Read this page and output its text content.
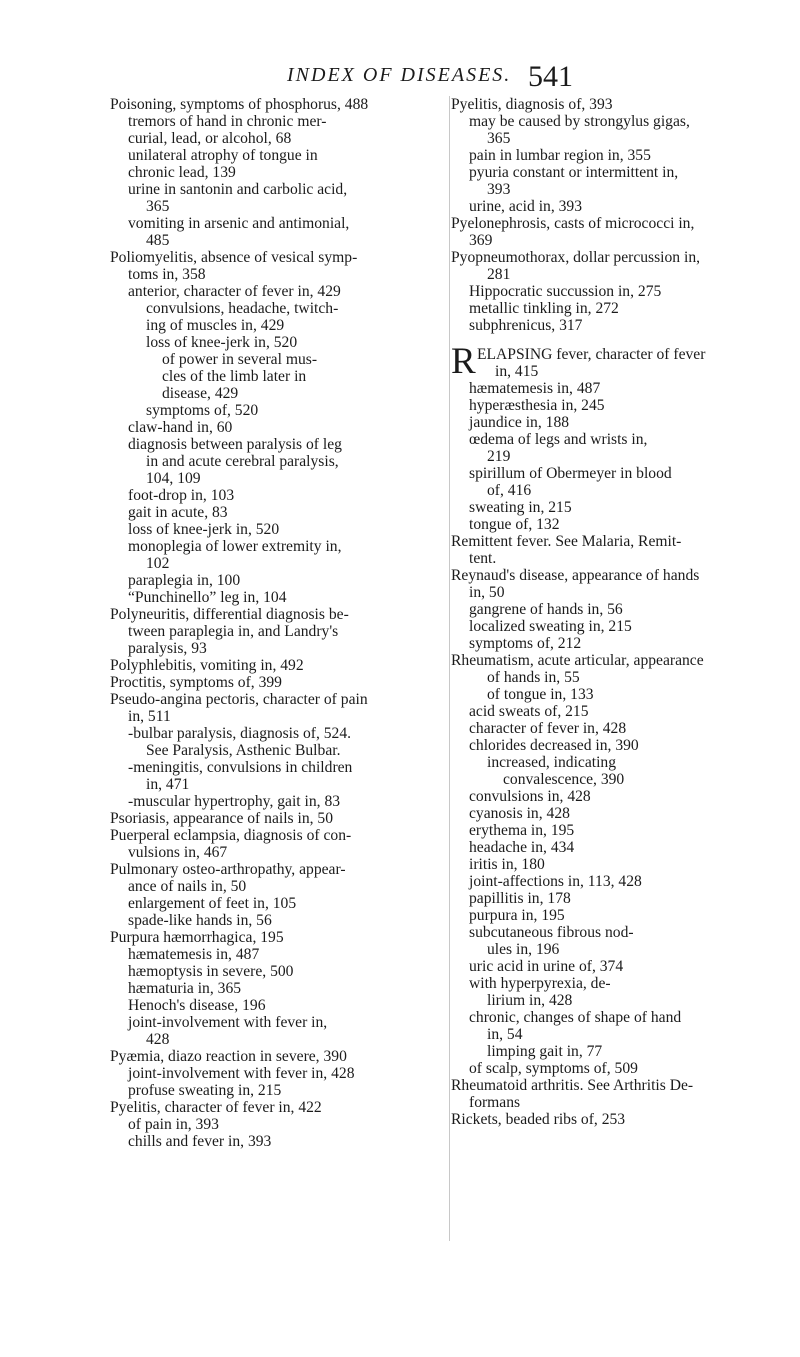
INDEX OF DISEASES. 541
Poisoning, symptoms of phosphorus, 488
tremors of hand in chronic mer-
curial, lead, or alcohol, 68
unilateral atrophy of tongue in
chronic lead, 139
urine in santonin and carbolic acid,
365
vomiting in arsenic and antimonial,
485
Poliomyelitis, absence of vesical symp-
toms in, 358
anterior, character of fever in, 429
convulsions, headache, twitch-
ing of muscles in, 429
loss of knee-jerk in, 520
of power in several mus-
cles of the limb later in
disease, 429
symptoms of, 520
claw-hand in, 60
diagnosis between paralysis of leg
in and acute cerebral paralysis,
104, 109
foot-drop in, 103
gait in acute, 83
loss of knee-jerk in, 520
monoplegia of lower extremity in,
102
paraplegia in, 100
“Punchinello” leg in, 104
Polyneuritis, differential diagnosis be-
tween paraplegia in, and Landry's
paralysis, 93
Polyphlebitis, vomiting in, 492
Proctitis, symptoms of, 399
Pseudo-angina pectoris, character of pain
in, 511
-bulbar paralysis, diagnosis of, 524.
See Paralysis, Asthenic Bulbar.
-meningitis, convulsions in children
in, 471
-muscular hypertrophy, gait in, 83
Psoriasis, appearance of nails in, 50
Puerperal eclampsia, diagnosis of con-
vulsions in, 467
Pulmonary osteo-arthropathy, appear-
ance of nails in, 50
enlargement of feet in, 105
spade-like hands in, 56
Purpura hæmorrhagica, 195
hæmatemesis in, 487
hæmoptysis in severe, 500
hæmaturia in, 365
Henoch's disease, 196
joint-involvement with fever in,
428
Pyæmia, diazo reaction in severe, 390
joint-involvement with fever in, 428
profuse sweating in, 215
Pyelitis, character of fever in, 422
of pain in, 393
chills and fever in, 393
Pyelitis, diagnosis of, 393
may be caused by strongylus gigas,
365
pain in lumbar region in, 355
pyuria constant or intermittent in,
393
urine, acid in, 393
Pyelonephrosis, casts of micrococci in,
369
Pyopneumothorax, dollar percussion in,
281
Hippocratic succussion in, 275
metallic tinkling in, 272
subphrenicus, 317
R ELAPSING fever, character of fever
in, 415
hæmatemesis in, 487
hyperæsthesia in, 245
jaundice in, 188
œdema of legs and wrists in,
219
spirillum of Obermeyer in blood
of, 416
sweating in, 215
tongue of, 132
Remittent fever. See Malaria, Remit-
tent.
Reynaud's disease, appearance of hands
in, 50
gangrene of hands in, 56
localized sweating in, 215
symptoms of, 212
Rheumatism, acute articular, appearance
of hands in, 55
of tongue in, 133
acid sweats of, 215
character of fever in, 428
chlorides decreased in, 390
increased, indicating
convalescence, 390
convulsions in, 428
cyanosis in, 428
erythema in, 195
headache in, 434
iritis in, 180
joint-affections in, 113, 428
papillitis in, 178
purpura in, 195
subcutaneous fibrous nod-
ules in, 196
uric acid in urine of, 374
with hyperpyrexia, de-
lirium in, 428
chronic, changes of shape of hand
in, 54
limping gait in, 77
of scalp, symptoms of, 509
Rheumatoid arthritis. See Arthritis De-
formans
Rickets, beaded ribs of, 253
